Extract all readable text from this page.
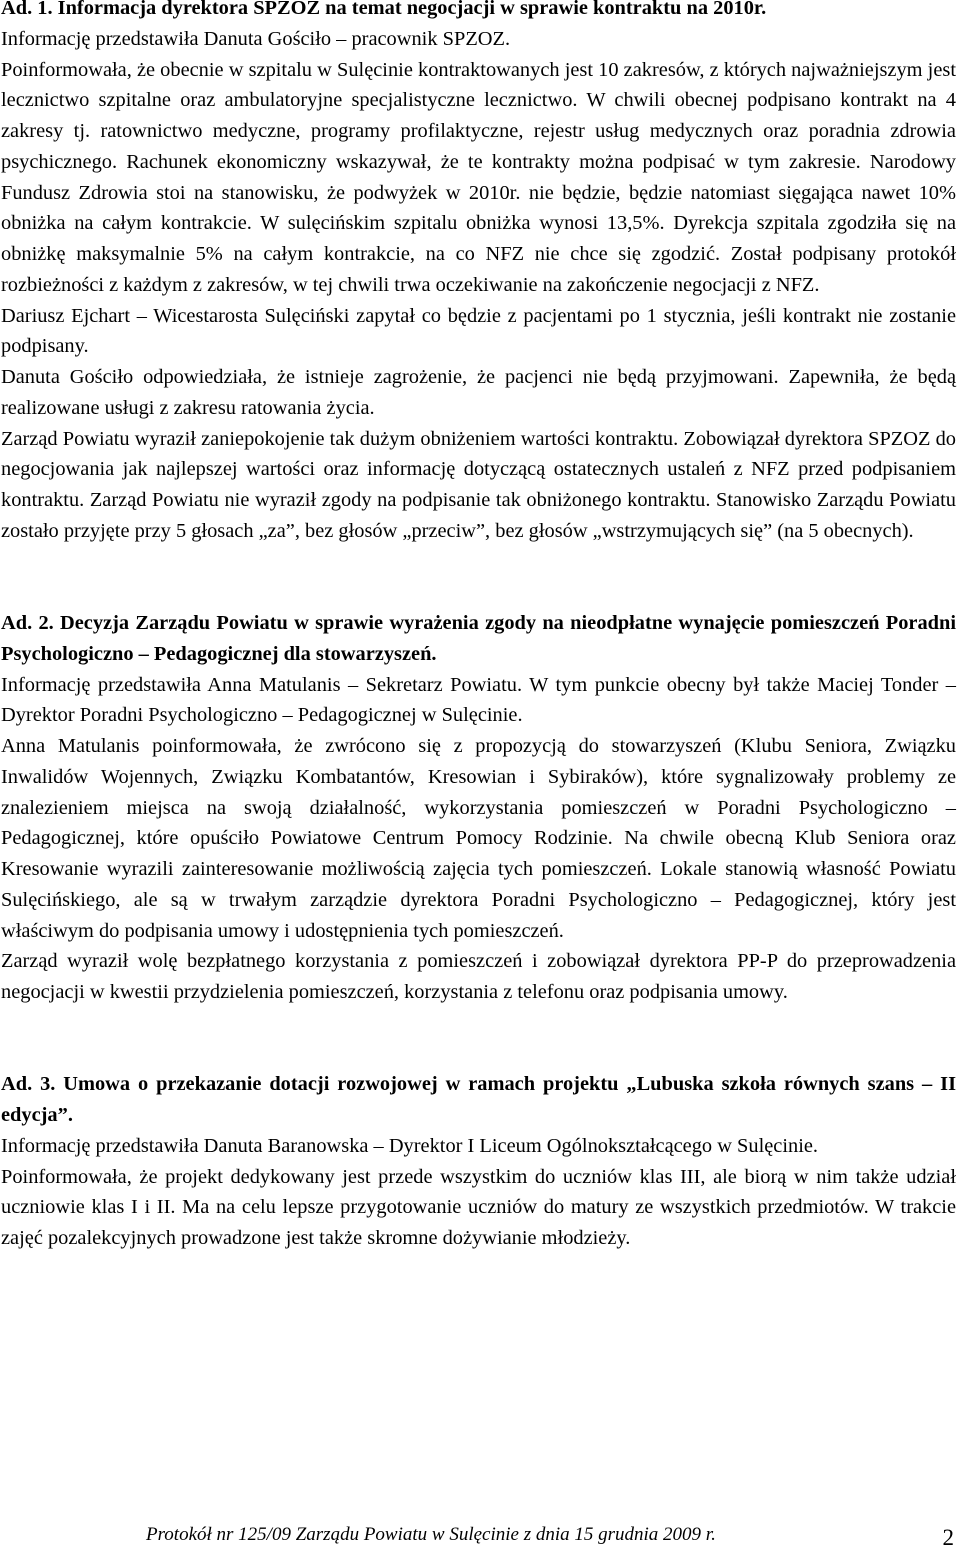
Ad. 1. Informacja dyrektora SPZOZ na temat negocjacji w sprawie kontraktu na 2010r.

Informację przedstawiła Danuta Gościło – pracownik SPZOZ.

Poinformowała, że obecnie w szpitalu w Sulęcinie kontraktowanych jest 10 zakresów, z których najważniejszym jest lecznictwo szpitalne oraz ambulatoryjne specjalistyczne lecznictwo. W chwili obecnej podpisano kontrakt na 4 zakresy tj. ratownictwo medyczne, programy profilaktyczne, rejestr usług medycznych oraz poradnia zdrowia psychicznego. Rachunek ekonomiczny wskazywał, że te kontrakty można podpisać w tym zakresie. Narodowy Fundusz Zdrowia stoi na stanowisku, że podwyżek w 2010r. nie będzie, będzie natomiast sięgająca nawet 10% obniżka na całym kontrakcie. W sulęcińskim szpitalu obniżka wynosi 13,5%. Dyrekcja szpitala zgodziła się na obniżkę maksymalnie 5% na całym kontrakcie, na co NFZ nie chce się zgodzić. Został podpisany protokół rozbieżności z każdym z zakresów, w tej chwili trwa oczekiwanie na zakończenie negocjacji z NFZ.

Dariusz Ejchart – Wicestarosta Sulęciński zapytał co będzie z pacjentami po 1 stycznia, jeśli kontrakt nie zostanie podpisany.

Danuta Gościło odpowiedziała, że istnieje zagrożenie, że pacjenci nie będą przyjmowani. Zapewniła, że będą realizowane usługi z zakresu ratowania życia.

Zarząd Powiatu wyraził zaniepokojenie tak dużym obniżeniem wartości kontraktu. Zobowiązał dyrektora SPZOZ do negocjowania jak najlepszej wartości oraz informację dotyczącą ostatecznych ustaleń z NFZ przed podpisaniem kontraktu. Zarząd Powiatu nie wyraził zgody na podpisanie tak obniżonego kontraktu. Stanowisko Zarządu Powiatu zostało przyjęte przy 5 głosach „za”, bez głosów „przeciw”, bez głosów „wstrzymujących się” (na 5 obecnych).

Ad. 2. Decyzja Zarządu Powiatu w sprawie wyrażenia zgody na nieodpłatne wynajęcie pomieszczeń Poradni Psychologiczno – Pedagogicznej dla stowarzyszeń.

Informację przedstawiła Anna Matulanis – Sekretarz Powiatu. W tym punkcie obecny był także Maciej Tonder – Dyrektor Poradni Psychologiczno – Pedagogicznej w Sulęcinie.

Anna Matulanis poinformowała, że zwrócono się z propozycją do stowarzyszeń (Klubu Seniora, Związku Inwalidów Wojennych, Związku Kombatantów, Kresowian i Sybiraków), które sygnalizowały problemy ze znalezieniem miejsca na swoją działalność, wykorzystania pomieszczeń w Poradni Psychologiczno – Pedagogicznej, które opuściło Powiatowe Centrum Pomocy Rodzinie. Na chwile obecną Klub Seniora oraz Kresowanie wyrazili zainteresowanie możliwością zajęcia tych pomieszczeń. Lokale stanowią własność Powiatu Sulęcińskiego, ale są w trwałym zarządzie dyrektora Poradni Psychologiczno – Pedagogicznej, który jest właściwym do podpisania umowy i udostępnienia tych pomieszczeń.

Zarząd wyraził wolę bezpłatnego korzystania z pomieszczeń i zobowiązał dyrektora PP-P do przeprowadzenia negocjacji w kwestii przydzielenia pomieszczeń, korzystania z telefonu oraz podpisania umowy.

Ad. 3. Umowa o przekazanie dotacji rozwojowej w ramach projektu „Lubuska szkoła równych szans – II edycja”.

Informację przedstawiła Danuta Baranowska – Dyrektor I Liceum Ogólnokształcącego w Sulęcinie.

Poinformowała, że projekt dedykowany jest przede wszystkim do uczniów klas III, ale biorą w nim także udział uczniowie klas I i II. Ma na celu lepsze przygotowanie uczniów do matury ze wszystkich przedmiotów. W trakcie zajęć pozalekcyjnych prowadzone jest także skromne dożywianie młodzieży.

Protokół nr 125/09 Zarządu Powiatu w Sulęcinie z dnia 15 grudnia 2009 r.	2
